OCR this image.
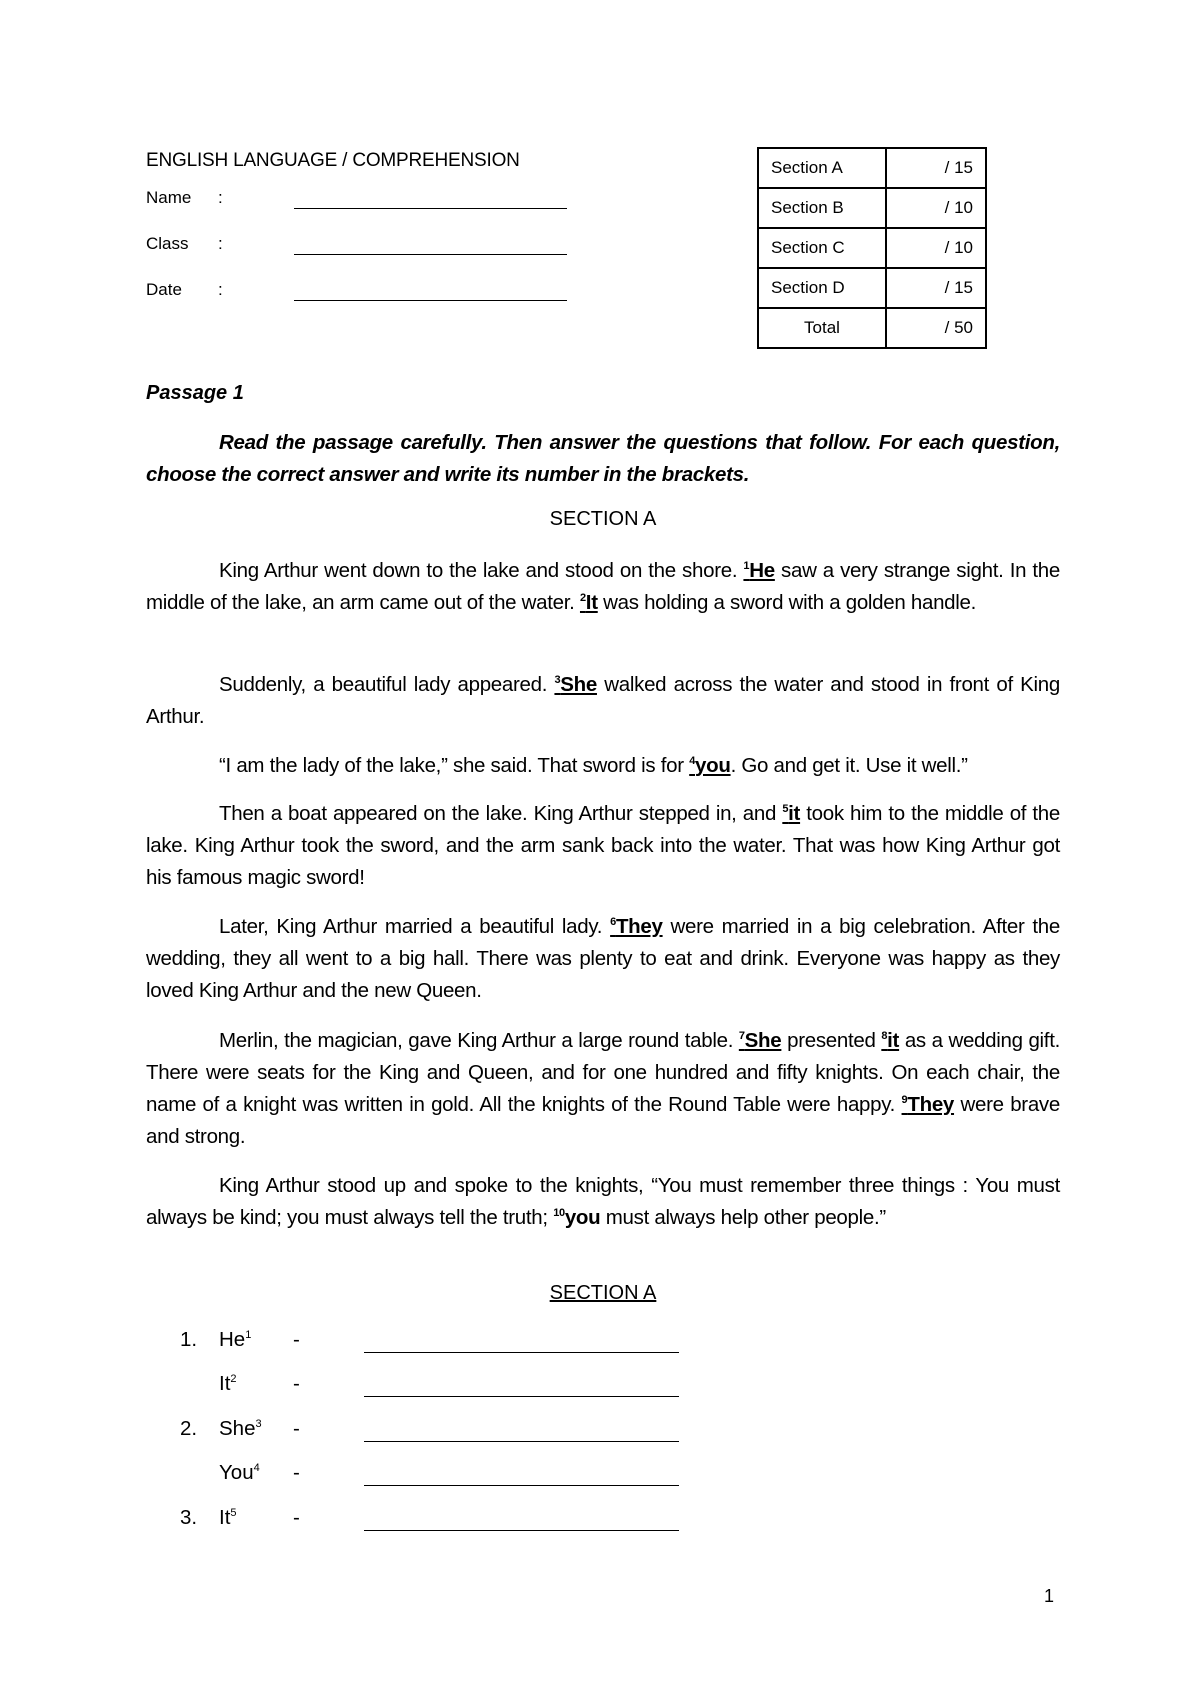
ENGLISH LANGUAGE / COMPREHENSION
Name :
Class :
Date :
Section A	/ 15
Section B	/ 10
Section C	/ 10
Section D	/ 15
Total	/ 50
Passage 1
Read the passage carefully. Then answer the questions that follow. For each question, choose the correct answer and write its number in the brackets.
SECTION A
King Arthur went down to the lake and stood on the shore. $^1$He saw a very strange sight. In the middle of the lake, an arm came out of the water. $^2$It was holding a sword with a golden handle.
Suddenly, a beautiful lady appeared. $^3$She walked across the water and stood in front of King Arthur.
“I am the lady of the lake,” she said. That sword is for $^4$you. Go and get it. Use it well.”
Then a boat appeared on the lake. King Arthur stepped in, and $^5$it took him to the middle of the lake. King Arthur took the sword, and the arm sank back into the water. That was how King Arthur got his famous magic sword!
Later, King Arthur married a beautiful lady. $^6$They were married in a big celebration. After the wedding, they all went to a big hall. There was plenty to eat and drink. Everyone was happy as they loved King Arthur and the new Queen.
Merlin, the magician, gave King Arthur a large round table. $^7$She presented $^8$it as a wedding gift. There were seats for the King and Queen, and for one hundred and fifty knights. On each chair, the name of a knight was written in gold. All the knights of the Round Table were happy. $^9$They were brave and strong.
King Arthur stood up and spoke to the knights, “You must remember three things : You must always be kind; you must always tell the truth; $^{10}$you must always help other people.”
SECTION A
1. He$^1$ -
It$^2$	-
2. She$^3$ -
You$^4$ -
3. It$^5$	-
1
